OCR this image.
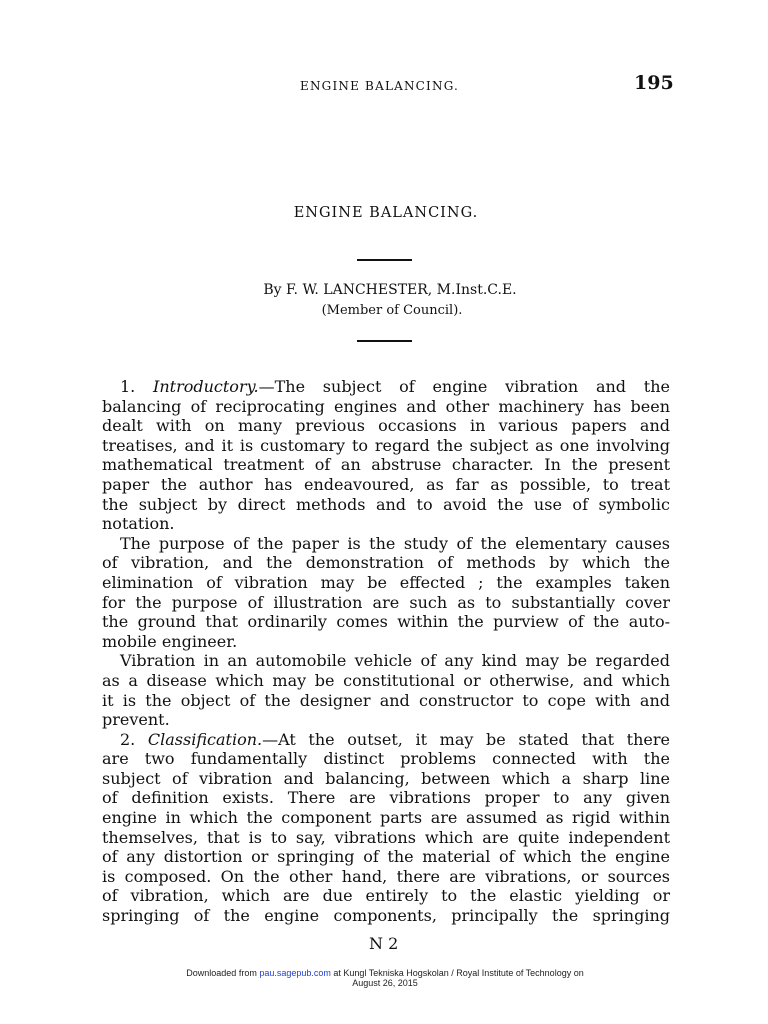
ENGINE BALANCING.	195
ENGINE BALANCING.
By F. W. LANCHESTER, M.Inst.C.E.
(Member of Council).
1. Introductory.—The subject of engine vibration and the
balancing of reciprocating engines and other machinery has been
dealt with on many previous occasions in various papers and
treatises, and it is customary to regard the subject as one involving
mathematical treatment of an abstruse character. In the present
paper the author has endeavoured, as far as possible, to treat
the subject by direct methods and to avoid the use of symbolic
notation.
The purpose of the paper is the study of the elementary causes
of vibration, and the demonstration of methods by which the
elimination of vibration may be effected ; the examples taken
for the purpose of illustration are such as to substantially cover
the ground that ordinarily comes within the purview of the auto-
mobile engineer.
Vibration in an automobile vehicle of any kind may be regarded
as a disease which may be constitutional or otherwise, and which
it is the object of the designer and constructor to cope with and
prevent.
2. Classification.—At the outset, it may be stated that there
are two fundamentally distinct problems connected with the
subject of vibration and balancing, between which a sharp line
of definition exists. There are vibrations proper to any given
engine in which the component parts are assumed as rigid within
themselves, that is to say, vibrations which are quite independent
of any distortion or springing of the material of which the engine
is composed. On the other hand, there are vibrations, or sources
of vibration, which are due entirely to the elastic yielding or
springing of the engine components, principally the springing
N 2
Downloaded from pau.sagepub.com at Kungl Tekniska Hogskolan / Royal Institute of Technology on
August 26, 2015
